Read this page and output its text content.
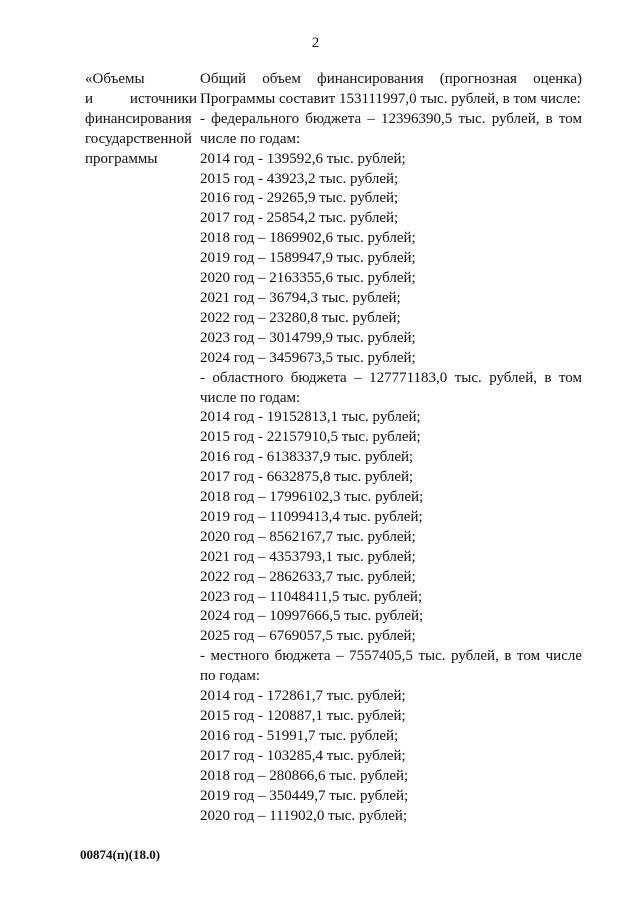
2
«Объемы
и источники
финансирования
государственной
программы
Общий объем финансирования (прогнозная оценка)
Программы составит 153111997,0 тыс. рублей, в том числе:
- федерального бюджета – 12396390,5 тыс. рублей, в том
числе по годам:
2014 год - 139592,6 тыс. рублей;
2015 год - 43923,2 тыс. рублей;
2016 год - 29265,9 тыс. рублей;
2017 год - 25854,2 тыс. рублей;
2018 год – 1869902,6 тыс. рублей;
2019 год – 1589947,9 тыс. рублей;
2020 год – 2163355,6 тыс. рублей;
2021 год – 36794,3 тыс. рублей;
2022 год – 23280,8 тыс. рублей;
2023 год – 3014799,9 тыс. рублей;
2024 год – 3459673,5 тыс. рублей;
- областного бюджета – 127771183,0 тыс. рублей, в том
числе по годам:
2014 год - 19152813,1 тыс. рублей;
2015 год - 22157910,5 тыс. рублей;
2016 год - 6138337,9 тыс. рублей;
2017 год - 6632875,8 тыс. рублей;
2018 год – 17996102,3 тыс. рублей;
2019 год – 11099413,4 тыс. рублей;
2020 год – 8562167,7 тыс. рублей;
2021 год – 4353793,1 тыс. рублей;
2022 год – 2862633,7 тыс. рублей;
2023 год – 11048411,5 тыс. рублей;
2024 год – 10997666,5 тыс. рублей;
2025 год – 6769057,5 тыс. рублей;
- местного бюджета – 7557405,5 тыс. рублей, в том числе
по годам:
2014 год - 172861,7 тыс. рублей;
2015 год - 120887,1 тыс. рублей;
2016 год - 51991,7 тыс. рублей;
2017 год - 103285,4 тыс. рублей;
2018 год – 280866,6 тыс. рублей;
2019 год – 350449,7 тыс. рублей;
2020 год – 111902,0 тыс. рублей;
00874(п)(18.0)
